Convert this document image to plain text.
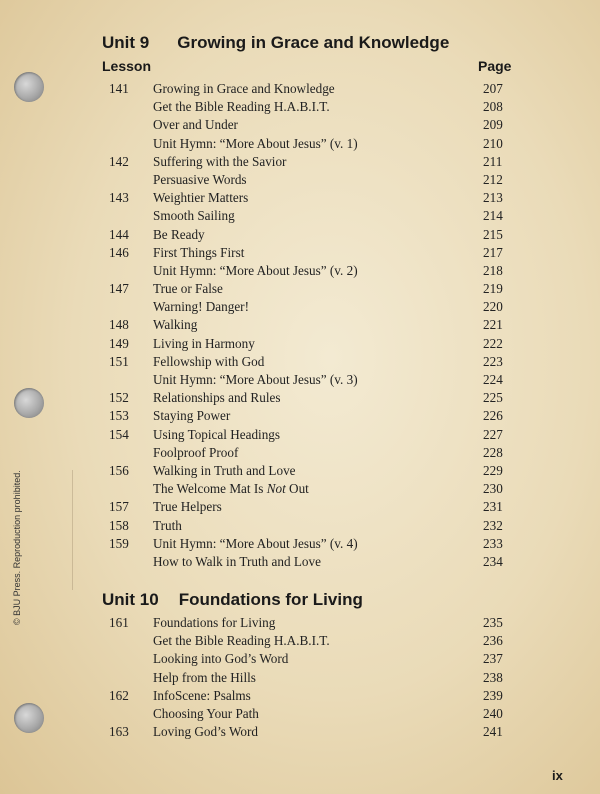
Unit 9 Growing in Grace and Knowledge
Lesson	Page
141	Growing in Grace and Knowledge	207
Get the Bible Reading H.A.B.I.T.	208
Over and Under	209
Unit Hymn: “More About Jesus” (v. 1)	210
142	Suffering with the Savior	211
Persuasive Words	212
143	Weightier Matters	213
Smooth Sailing	214
144	Be Ready	215
146	First Things First	217
Unit Hymn: “More About Jesus” (v. 2)	218
147	True or False	219
Warning! Danger!	220
148	Walking	221
149	Living in Harmony	222
151	Fellowship with God	223
Unit Hymn: “More About Jesus” (v. 3)	224
152	Relationships and Rules	225
153	Staying Power	226
154	Using Topical Headings	227
Foolproof Proof	228
156	Walking in Truth and Love	229
The Welcome Mat Is Not Out	230
157	True Helpers	231
158	Truth	232
159	Unit Hymn: “More About Jesus” (v. 4)	233
How to Walk in Truth and Love	234
Unit 10 Foundations for Living
161	Foundations for Living	235
Get the Bible Reading H.A.B.I.T.	236
Looking into God’s Word	237
Help from the Hills	238
162	InfoScene: Psalms	239
Choosing Your Path	240
163	Loving God’s Word	241
© BJU Press. Reproduction prohibited.
ix
